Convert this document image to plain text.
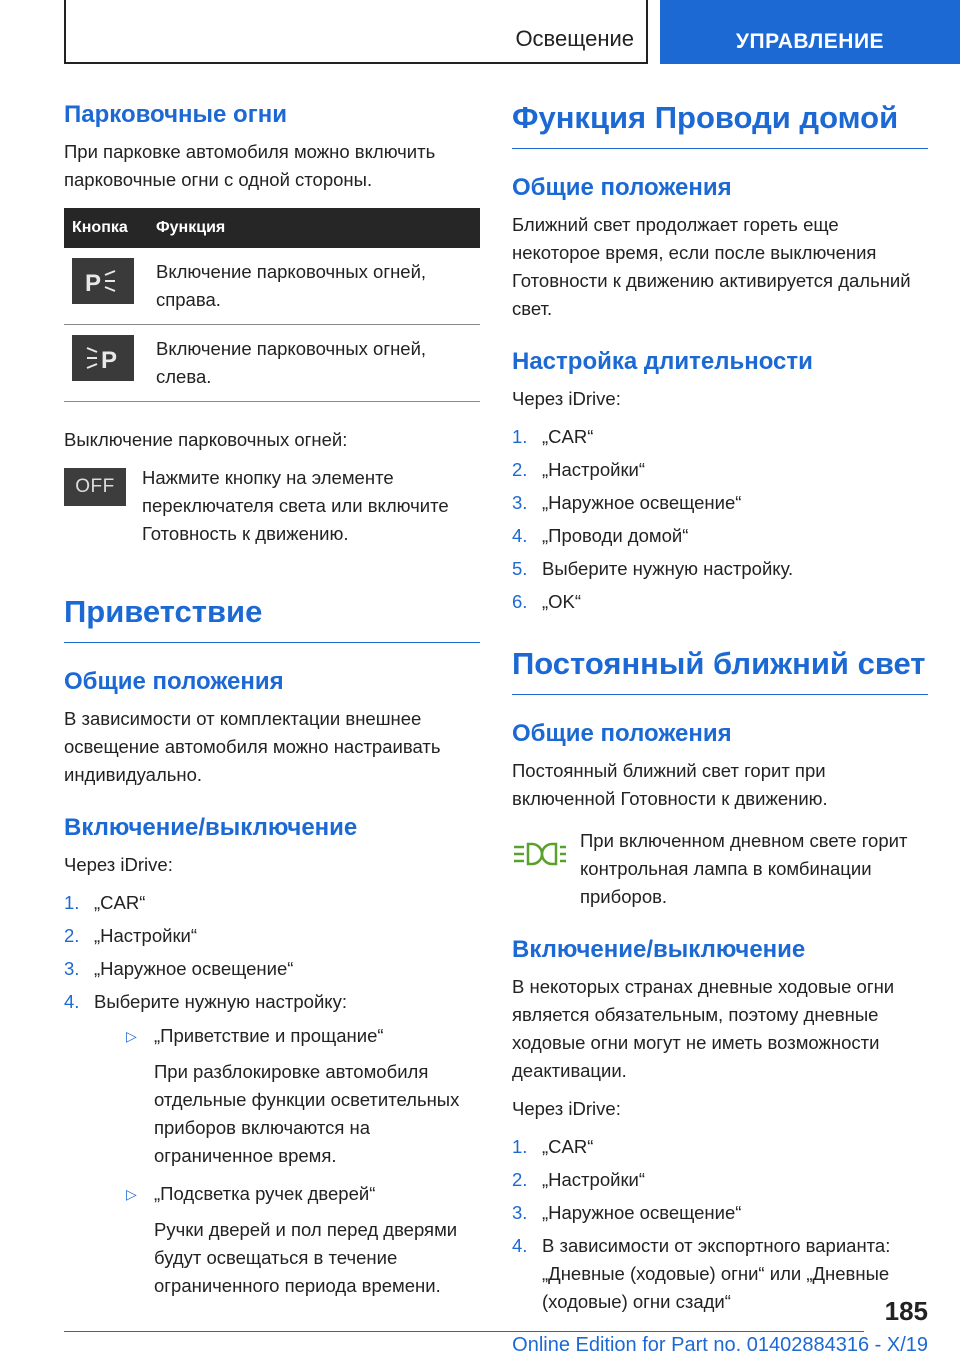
Освещение	УПРАВЛЕНИЕ
Парковочные огни

При парковке автомобиля можно включить парковочные огни с одной стороны.

Кнопка	Функция

P	Включение парковочных огней, справа.

P	Включение парковочных огней, слева.

Выключение парковочных огней:

OFF Нажмите кнопку на элементе переключателя света или включите Готовность к движению.

Приветствие
Общие положения

В зависимости от комплектации внешнее освещение автомобиля можно настраивать индивидуально.

Включение/выключение

Через iDrive:

1. „CAR“
2. „Настройки“
3. „Наружное освещение“
4. Выберите нужную настройку:
▷ „Приветствие и прощание“
При разблокировке автомобиля отдельные функции осветительных приборов включаются на ограниченное время.
▷ „Подсветка ручек дверей“
Ручки дверей и пол перед дверями будут освещаться в течение ограниченного периода времени.
Функция Проводи домой
Общие положения

Ближний свет продолжает гореть еще некоторое время, если после выключения Готовности к движению активируется дальний свет.

Настройка длительности

Через iDrive:

1. „CAR“
2. „Настройки“
3. „Наружное освещение“
4. „Проводи домой“
5. Выберите нужную настройку.
6. „OK“
Постоянный ближний свет
Общие положения

Постоянный ближний свет горит при включенной Готовности к движению.

При включенном дневном свете горит контрольная лампа в комбинации приборов.

Включение/выключение

В некоторых странах дневные ходовые огни является обязательным, поэтому дневные ходовые огни могут не иметь возможности деактивации.

Через iDrive:

1. „CAR“
2. „Настройки“
3. „Наружное освещение“
4. В зависимости от экспортного варианта: „Дневные (ходовые) огни“ или „Дневные (ходовые) огни сзади“	185
Online Edition for Part no. 01402884316 - X/19
